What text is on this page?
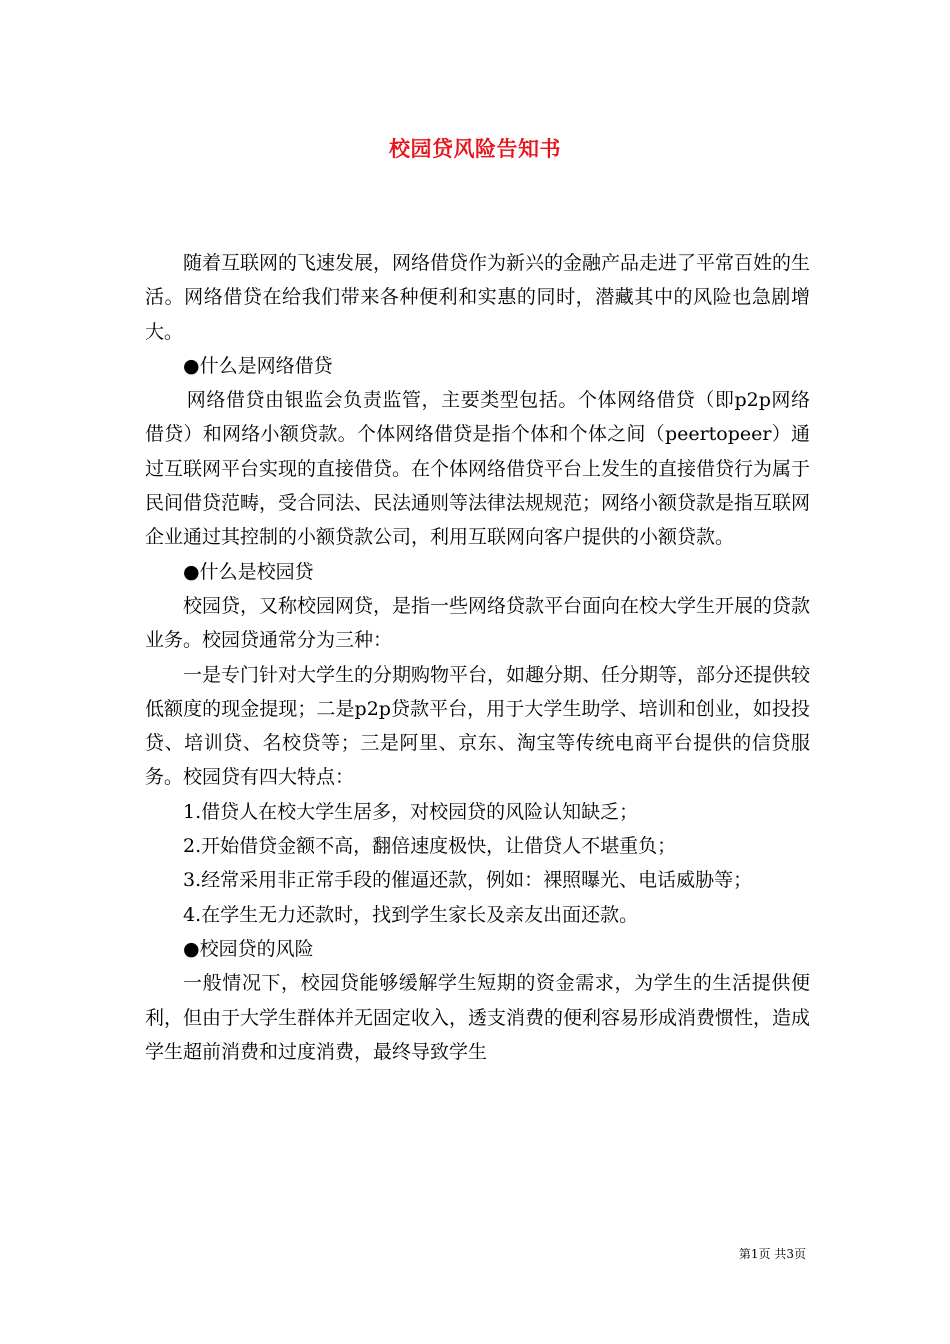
校园贷风险告知书

随着互联网的飞速发展，网络借贷作为新兴的金融产品走进了平常百姓的生活。网络借贷在给我们带来各种便利和实惠的同时，潜藏其中的风险也急剧增大。

●什么是网络借贷

网络借贷由银监会负责监管，主要类型包括。个体网络借贷（即p2p网络借贷）和网络小额贷款。个体网络借贷是指个体和个体之间（peertopeer）通过互联网平台实现的直接借贷。在个体网络借贷平台上发生的直接借贷行为属于民间借贷范畴，受合同法、民法通则等法律法规规范；网络小额贷款是指互联网企业通过其控制的小额贷款公司，利用互联网向客户提供的小额贷款。

●什么是校园贷

校园贷，又称校园网贷，是指一些网络贷款平台面向在校大学生开展的贷款业务。校园贷通常分为三种：

一是专门针对大学生的分期购物平台，如趣分期、任分期等，部分还提供较低额度的现金提现；二是p2p贷款平台，用于大学生助学、培训和创业，如投投贷、培训贷、名校贷等；三是阿里、京东、淘宝等传统电商平台提供的信贷服务。校园贷有四大特点：

1.借贷人在校大学生居多，对校园贷的风险认知缺乏；

2.开始借贷金额不高，翻倍速度极快，让借贷人不堪重负；

3.经常采用非正常手段的催逼还款，例如：裸照曝光、电话威胁等；

4.在学生无力还款时，找到学生家长及亲友出面还款。

●校园贷的风险

一般情况下，校园贷能够缓解学生短期的资金需求，为学生的生活提供便利，但由于大学生群体并无固定收入，透支消费的便利容易形成消费惯性，造成学生超前消费和过度消费，最终导致学生

第1页 共3页
